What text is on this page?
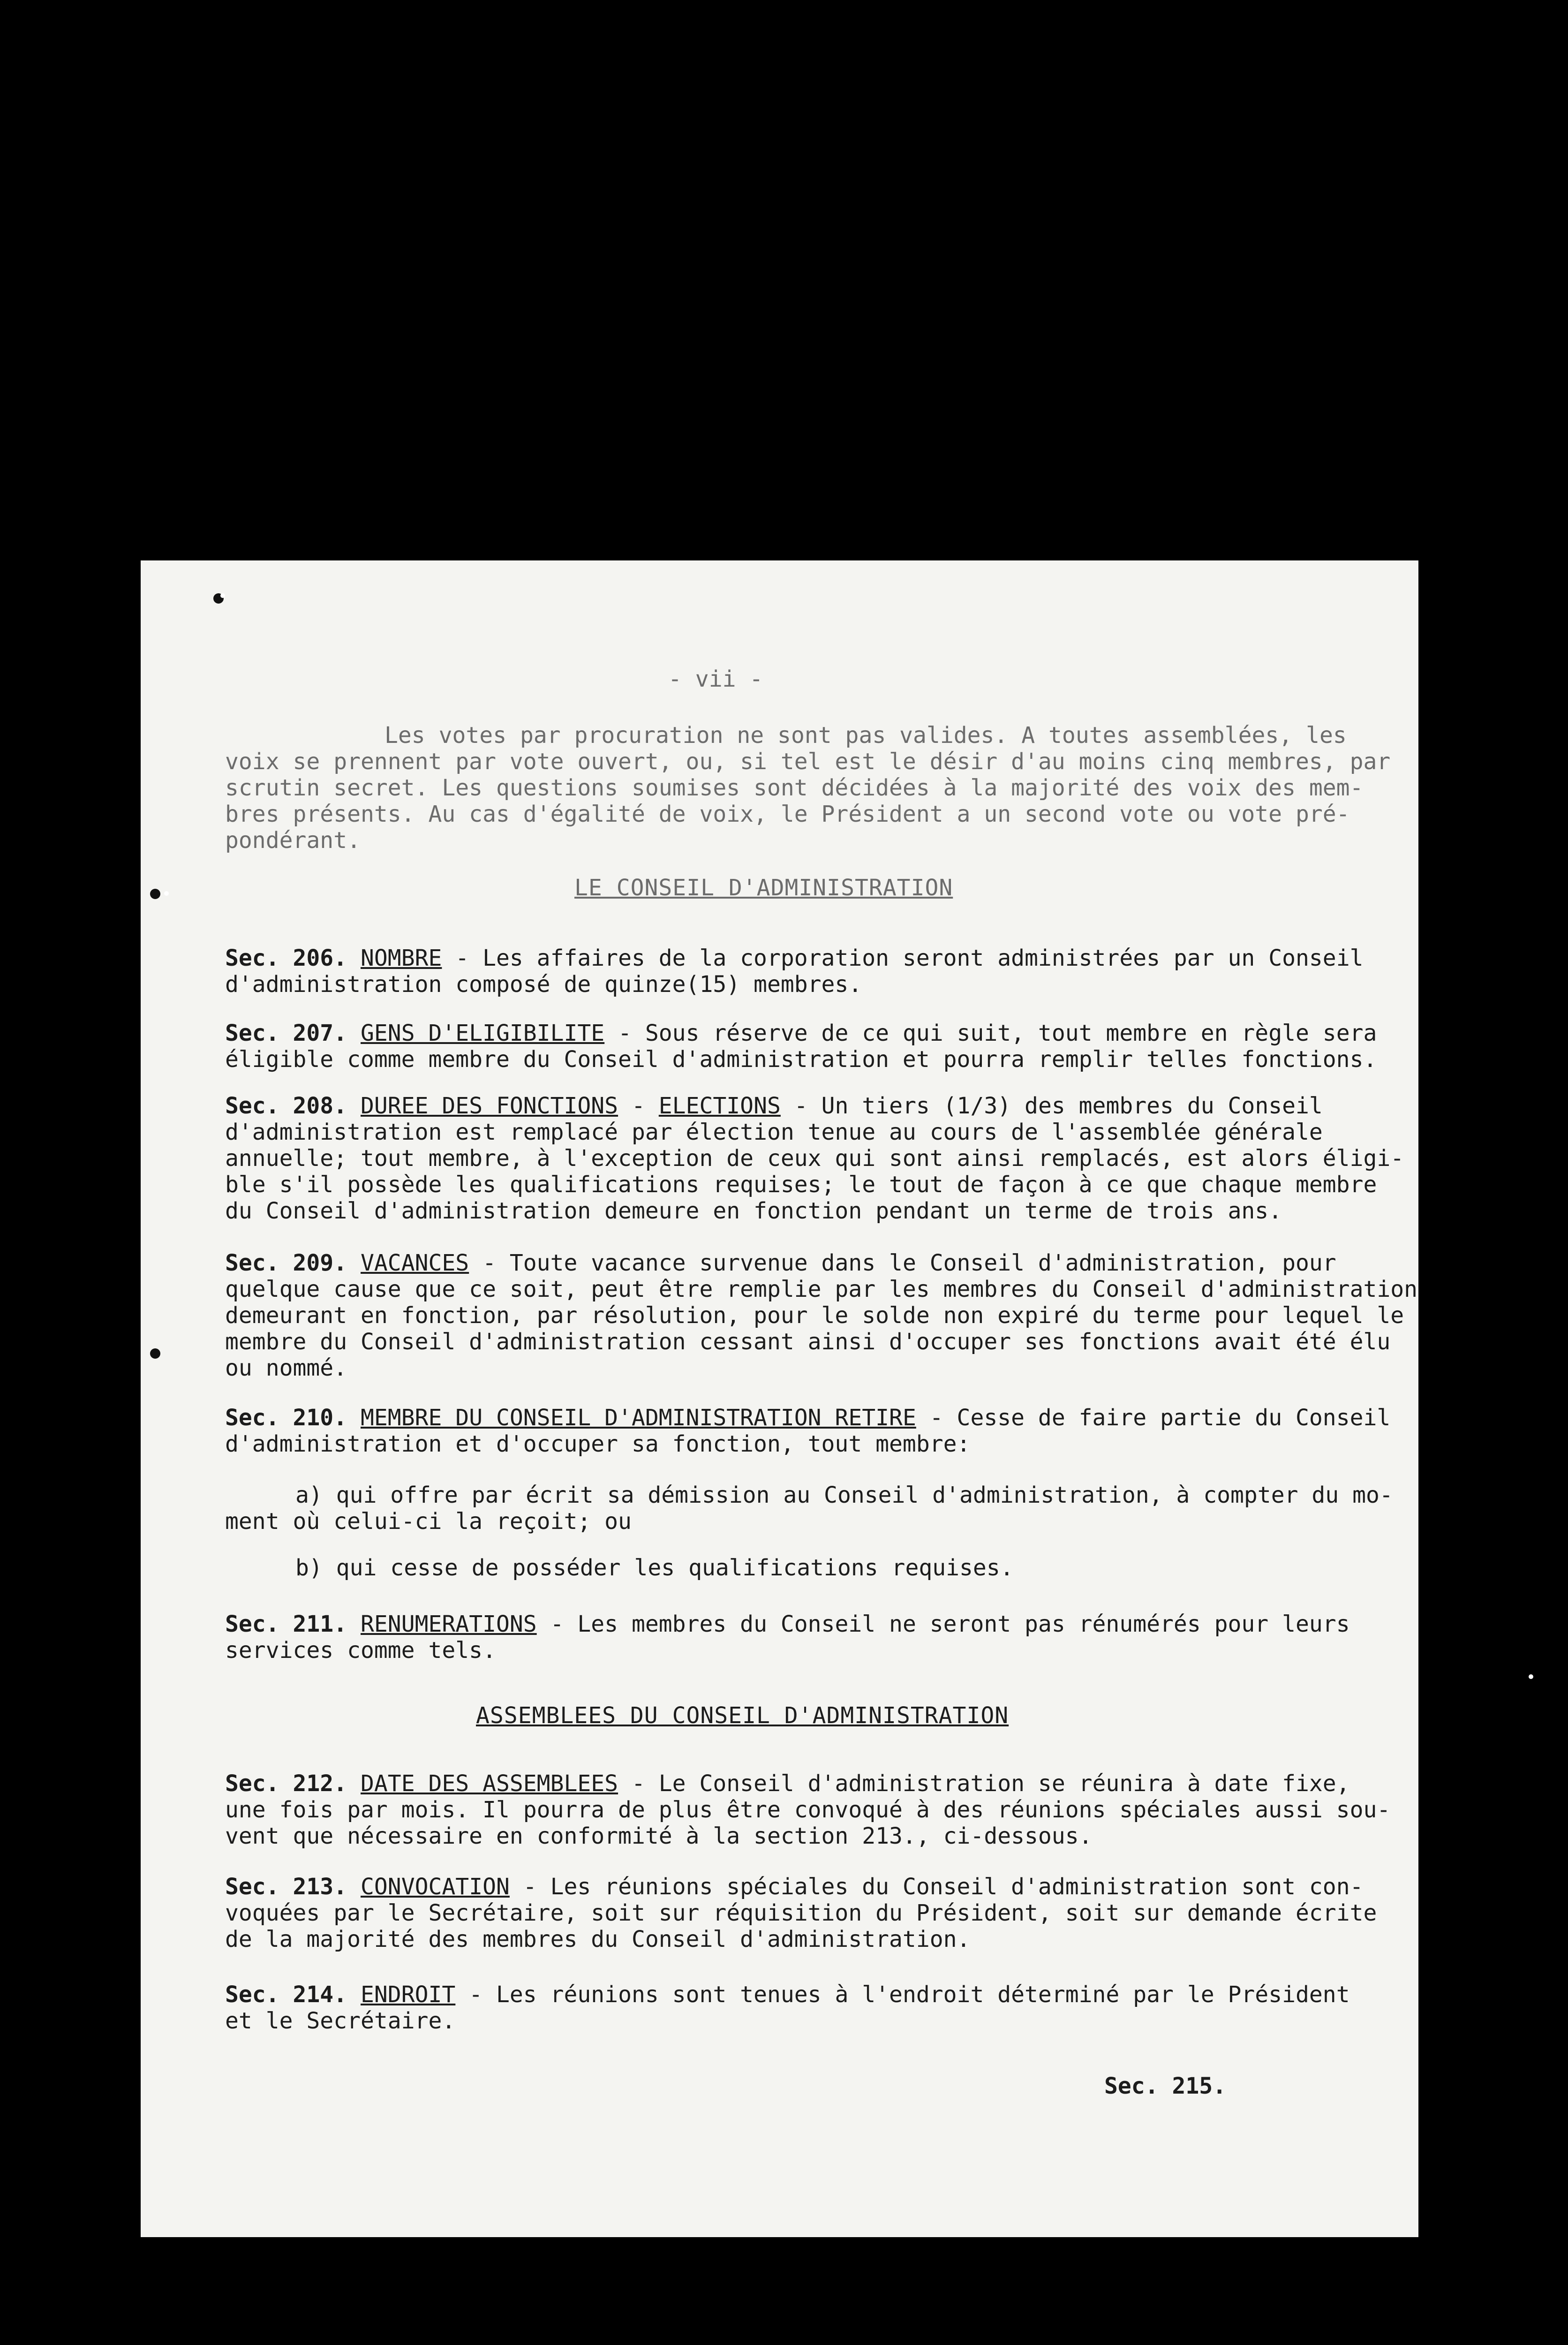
- vii -
Les votes par procuration ne sont pas valides. A toutes assemblées, les
voix se prennent par vote ouvert, ou, si tel est le désir d'au moins cinq membres, par
scrutin secret. Les questions soumises sont décidées à la majorité des voix des mem-
bres présents. Au cas d'égalité de voix, le Président a un second vote ou vote pré-
pondérant.
LE CONSEIL D'ADMINISTRATION
Sec. 206. NOMBRE - Les affaires de la corporation seront administrées par un Conseil
d'administration composé de quinze(15) membres.
Sec. 207. GENS D'ELIGIBILITE - Sous réserve de ce qui suit, tout membre en règle sera
éligible comme membre du Conseil d'administration et pourra remplir telles fonctions.
Sec. 208. DUREE DES FONCTIONS - ELECTIONS - Un tiers (1/3) des membres du Conseil
d'administration est remplacé par élection tenue au cours de l'assemblée générale
annuelle; tout membre, à l'exception de ceux qui sont ainsi remplacés, est alors éligi-
ble s'il possède les qualifications requises; le tout de façon à ce que chaque membre
du Conseil d'administration demeure en fonction pendant un terme de trois ans.
Sec. 209. VACANCES - Toute vacance survenue dans le Conseil d'administration, pour
quelque cause que ce soit, peut être remplie par les membres du Conseil d'administration
demeurant en fonction, par résolution, pour le solde non expiré du terme pour lequel le
membre du Conseil d'administration cessant ainsi d'occuper ses fonctions avait été élu
ou nommé.
Sec. 210. MEMBRE DU CONSEIL D'ADMINISTRATION RETIRE - Cesse de faire partie du Conseil
d'administration et d'occuper sa fonction, tout membre:
a) qui offre par écrit sa démission au Conseil d'administration, à compter du mo-
ment où celui-ci la reçoit; ou
b) qui cesse de posséder les qualifications requises.
Sec. 211. RENUMERATIONS - Les membres du Conseil ne seront pas rénumérés pour leurs
services comme tels.
ASSEMBLEES DU CONSEIL D'ADMINISTRATION
Sec. 212. DATE DES ASSEMBLEES - Le Conseil d'administration se réunira à date fixe,
une fois par mois. Il pourra de plus être convoqué à des réunions spéciales aussi sou-
vent que nécessaire en conformité à la section 213., ci-dessous.
Sec. 213. CONVOCATION - Les réunions spéciales du Conseil d'administration sont con-
voquées par le Secrétaire, soit sur réquisition du Président, soit sur demande écrite
de la majorité des membres du Conseil d'administration.
Sec. 214. ENDROIT - Les réunions sont tenues à l'endroit déterminé par le Président
et le Secrétaire.
Sec. 215.
